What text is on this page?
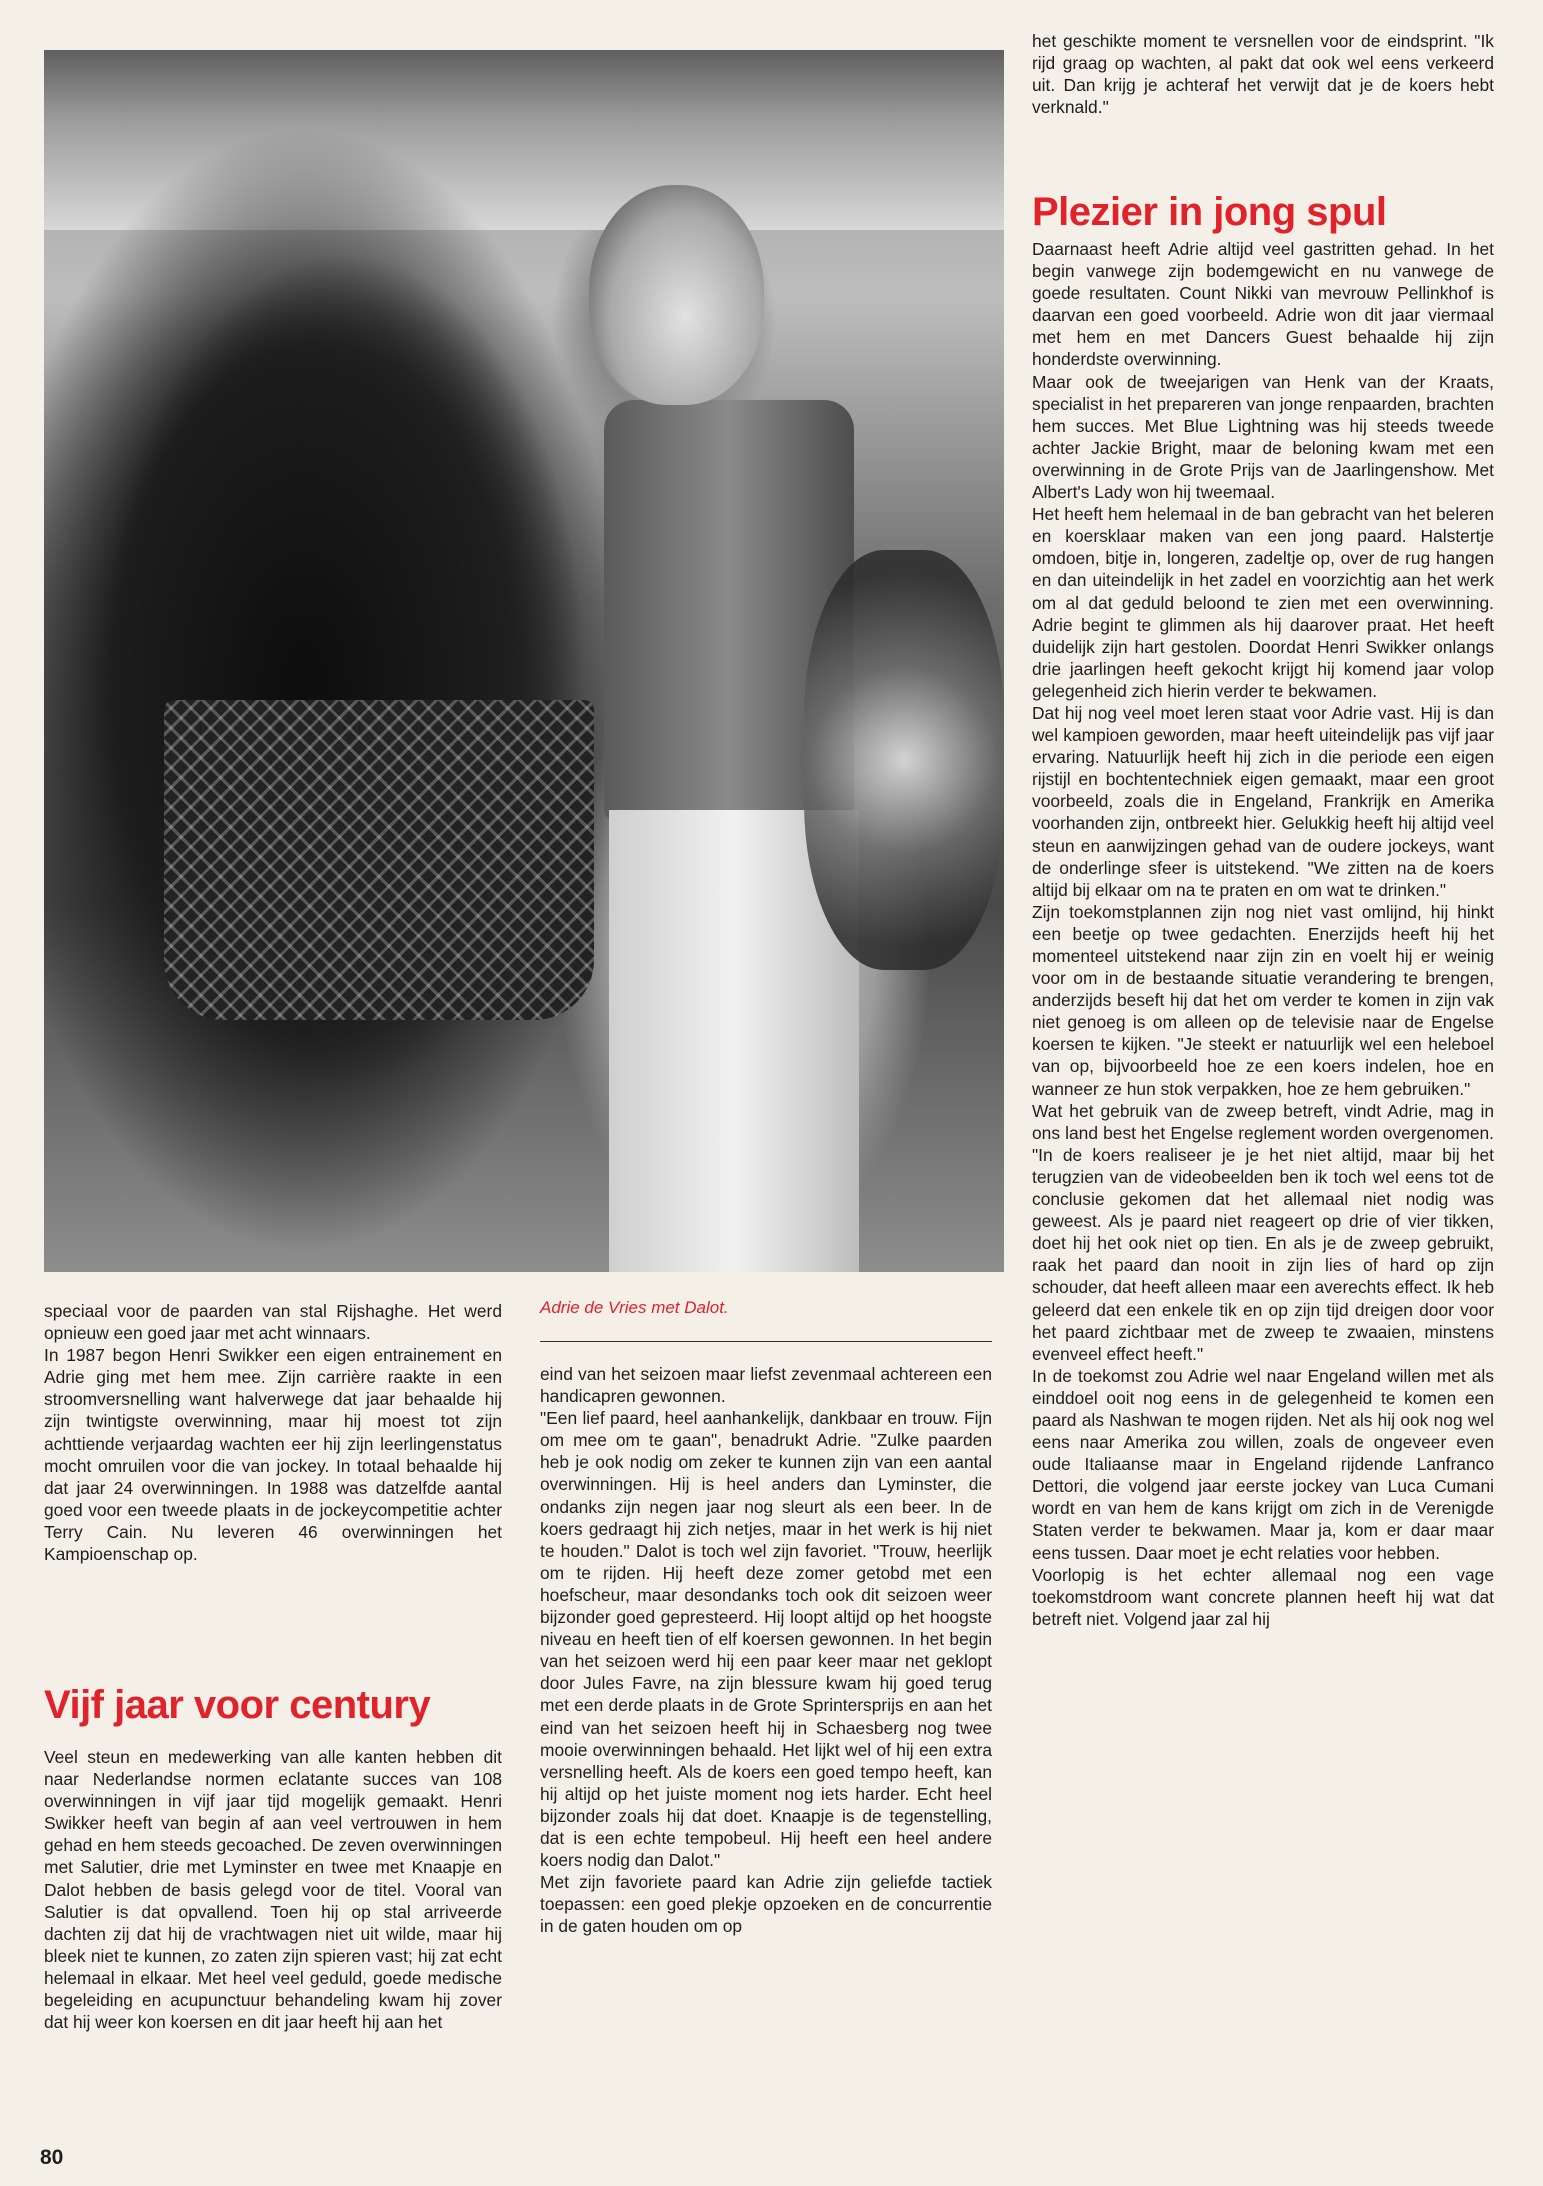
Adrie de Vries met Dalot.

speciaal voor de paarden van stal Rijshaghe. Het werd opnieuw een goed jaar met acht winnaars.

In 1987 begon Henri Swikker een eigen entrainement en Adrie ging met hem mee. Zijn carrière raakte in een stroomversnelling want halverwege dat jaar behaalde hij zijn twintigste overwinning, maar hij moest tot zijn achttiende verjaardag wachten eer hij zijn leerlingenstatus mocht omruilen voor die van jockey. In totaal behaalde hij dat jaar 24 overwinningen. In 1988 was datzelfde aantal goed voor een tweede plaats in de jockeycompetitie achter Terry Cain. Nu leveren 46 overwinningen het Kampioenschap op.

Vijf jaar voor century

Veel steun en medewerking van alle kanten hebben dit naar Nederlandse normen eclatante succes van 108 overwinningen in vijf jaar tijd mogelijk gemaakt. Henri Swikker heeft van begin af aan veel vertrouwen in hem gehad en hem steeds gecoached. De zeven overwinningen met Salutier, drie met Lyminster en twee met Knaapje en Dalot hebben de basis gelegd voor de titel. Vooral van Salutier is dat opvallend. Toen hij op stal arriveerde dachten zij dat hij de vrachtwagen niet uit wilde, maar hij bleek niet te kunnen, zo zaten zijn spieren vast; hij zat echt helemaal in elkaar. Met heel veel geduld, goede medische begeleiding en acupunctuur behandeling kwam hij zover dat hij weer kon koersen en dit jaar heeft hij aan het

eind van het seizoen maar liefst zevenmaal achtereen een handicapren gewonnen.

"Een lief paard, heel aanhankelijk, dankbaar en trouw. Fijn om mee om te gaan", benadrukt Adrie. "Zulke paarden heb je ook nodig om zeker te kunnen zijn van een aantal overwinningen. Hij is heel anders dan Lyminster, die ondanks zijn negen jaar nog sleurt als een beer. In de koers gedraagt hij zich netjes, maar in het werk is hij niet te houden." Dalot is toch wel zijn favoriet. "Trouw, heerlijk om te rijden. Hij heeft deze zomer getobd met een hoefscheur, maar desondanks toch ook dit seizoen weer bijzonder goed gepresteerd. Hij loopt altijd op het hoogste niveau en heeft tien of elf koersen gewonnen. In het begin van het seizoen werd hij een paar keer maar net geklopt door Jules Favre, na zijn blessure kwam hij goed terug met een derde plaats in de Grote Sprintersprijs en aan het eind van het seizoen heeft hij in Schaesberg nog twee mooie overwinningen behaald. Het lijkt wel of hij een extra versnelling heeft. Als de koers een goed tempo heeft, kan hij altijd op het juiste moment nog iets harder. Echt heel bijzonder zoals hij dat doet. Knaapje is de tegenstelling, dat is een echte tempobeul. Hij heeft een heel andere koers nodig dan Dalot."

Met zijn favoriete paard kan Adrie zijn geliefde tactiek toepassen: een goed plekje opzoeken en de concurrentie in de gaten houden om op

het geschikte moment te versnellen voor de eindsprint. "Ik rijd graag op wachten, al pakt dat ook wel eens verkeerd uit. Dan krijg je achteraf het verwijt dat je de koers hebt verknald."

Plezier in jong spul

Daarnaast heeft Adrie altijd veel gastritten gehad. In het begin vanwege zijn bodemgewicht en nu vanwege de goede resultaten. Count Nikki van mevrouw Pellinkhof is daarvan een goed voorbeeld. Adrie won dit jaar viermaal met hem en met Dancers Guest behaalde hij zijn honderdste overwinning.

Maar ook de tweejarigen van Henk van der Kraats, specialist in het prepareren van jonge renpaarden, brachten hem succes. Met Blue Lightning was hij steeds tweede achter Jackie Bright, maar de beloning kwam met een overwinning in de Grote Prijs van de Jaarlingenshow. Met Albert's Lady won hij tweemaal.

Het heeft hem helemaal in de ban gebracht van het beleren en koersklaar maken van een jong paard. Halstertje omdoen, bitje in, longeren, zadeltje op, over de rug hangen en dan uiteindelijk in het zadel en voorzichtig aan het werk om al dat geduld beloond te zien met een overwinning. Adrie begint te glimmen als hij daarover praat. Het heeft duidelijk zijn hart gestolen. Doordat Henri Swikker onlangs drie jaarlingen heeft gekocht krijgt hij komend jaar volop gelegenheid zich hierin verder te bekwamen.

Dat hij nog veel moet leren staat voor Adrie vast. Hij is dan wel kampioen geworden, maar heeft uiteindelijk pas vijf jaar ervaring. Natuurlijk heeft hij zich in die periode een eigen rijstijl en bochtentechniek eigen gemaakt, maar een groot voorbeeld, zoals die in Engeland, Frankrijk en Amerika voorhanden zijn, ontbreekt hier. Gelukkig heeft hij altijd veel steun en aanwijzingen gehad van de oudere jockeys, want de onderlinge sfeer is uitstekend. "We zitten na de koers altijd bij elkaar om na te praten en om wat te drinken."

Zijn toekomstplannen zijn nog niet vast omlijnd, hij hinkt een beetje op twee gedachten. Enerzijds heeft hij het momenteel uitstekend naar zijn zin en voelt hij er weinig voor om in de bestaande situatie verandering te brengen, anderzijds beseft hij dat het om verder te komen in zijn vak niet genoeg is om alleen op de televisie naar de Engelse koersen te kijken. "Je steekt er natuurlijk wel een heleboel van op, bijvoorbeeld hoe ze een koers indelen, hoe en wanneer ze hun stok verpakken, hoe ze hem gebruiken."

Wat het gebruik van de zweep betreft, vindt Adrie, mag in ons land best het Engelse reglement worden overgenomen. "In de koers realiseer je je het niet altijd, maar bij het terugzien van de videobeelden ben ik toch wel eens tot de conclusie gekomen dat het allemaal niet nodig was geweest. Als je paard niet reageert op drie of vier tikken, doet hij het ook niet op tien. En als je de zweep gebruikt, raak het paard dan nooit in zijn lies of hard op zijn schouder, dat heeft alleen maar een averechts effect. Ik heb geleerd dat een enkele tik en op zijn tijd dreigen door voor het paard zichtbaar met de zweep te zwaaien, minstens evenveel effect heeft."

In de toekomst zou Adrie wel naar Engeland willen met als einddoel ooit nog eens in de gelegenheid te komen een paard als Nashwan te mogen rijden. Net als hij ook nog wel eens naar Amerika zou willen, zoals de ongeveer even oude Italiaanse maar in Engeland rijdende Lanfranco Dettori, die volgend jaar eerste jockey van Luca Cumani wordt en van hem de kans krijgt om zich in de Verenigde Staten verder te bekwamen. Maar ja, kom er daar maar eens tussen. Daar moet je echt relaties voor hebben.

Voorlopig is het echter allemaal nog een vage toekomstdroom want concrete plannen heeft hij wat dat betreft niet. Volgend jaar zal hij

80
